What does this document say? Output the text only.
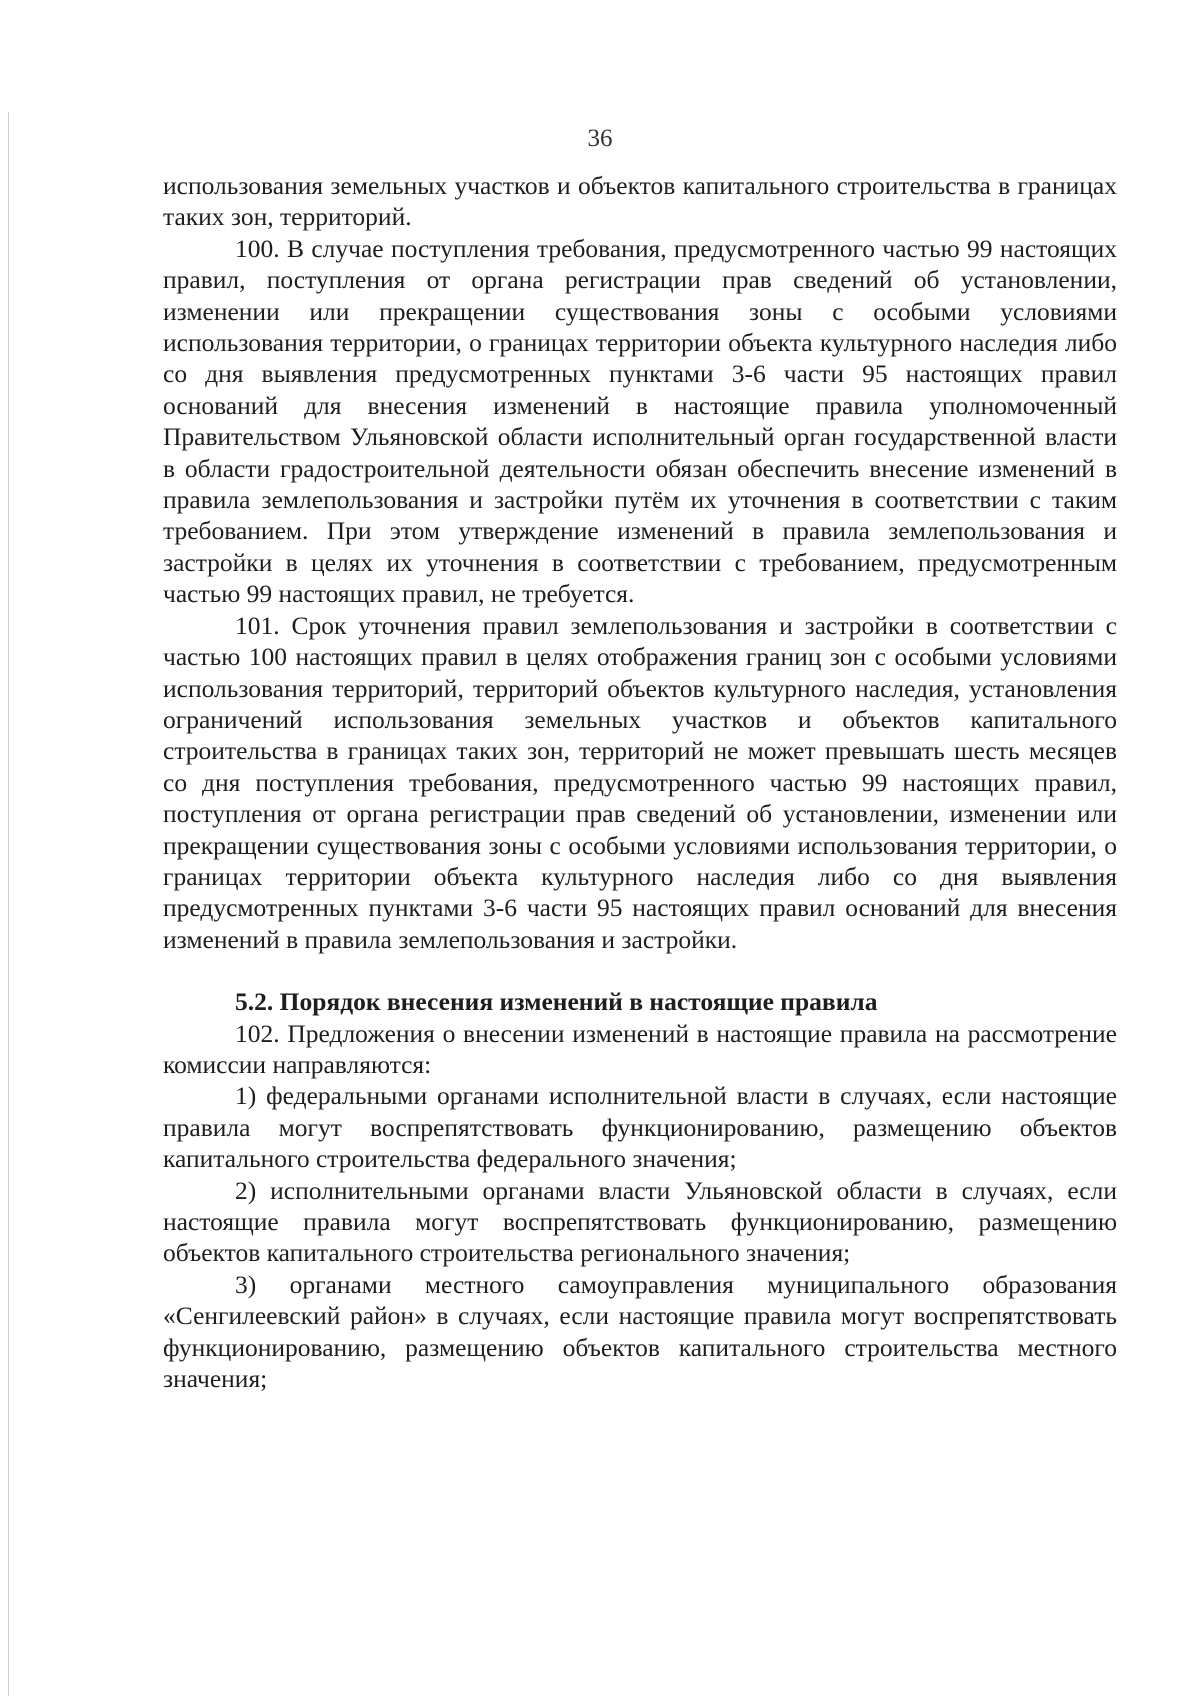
36

использования земельных участков и объектов капитального строительства в границах таких зон, территорий.

100. В случае поступления требования, предусмотренного частью 99 настоящих правил, поступления от органа регистрации прав сведений об установлении, изменении или прекращении существования зоны с особыми условиями использования территории, о границах территории объекта культурного наследия либо со дня выявления предусмотренных пунктами 3-6 части 95 настоящих правил оснований для внесения изменений в настоящие правила уполномоченный Правительством Ульяновской области исполнительный орган государственной власти в области градостроительной деятельности обязан обеспечить внесение изменений в правила землепользования и застройки путём их уточнения в соответствии с таким требованием. При этом утверждение изменений в правила землепользования и застройки в целях их уточнения в соответствии с требованием, предусмотренным частью 99 настоящих правил, не требуется.

101. Срок уточнения правил землепользования и застройки в соответствии с частью 100 настоящих правил в целях отображения границ зон с особыми условиями использования территорий, территорий объектов культурного наследия, установления ограничений использования земельных участков и объектов капитального строительства в границах таких зон, территорий не может превышать шесть месяцев со дня поступления требования, предусмотренного частью 99 настоящих правил, поступления от органа регистрации прав сведений об установлении, изменении или прекращении существования зоны с особыми условиями использования территории, о границах территории объекта культурного наследия либо со дня выявления предусмотренных пунктами 3-6 части 95 настоящих правил оснований для внесения изменений в правила землепользования и застройки.

5.2. Порядок внесения изменений в настоящие правила

102. Предложения о внесении изменений в настоящие правила на рассмотрение комиссии направляются:

1) федеральными органами исполнительной власти в случаях, если настоящие правила могут воспрепятствовать функционированию, размещению объектов капитального строительства федерального значения;

2) исполнительными органами власти Ульяновской области в случаях, если настоящие правила могут воспрепятствовать функционированию, размещению объектов капитального строительства регионального значения;

3) органами местного самоуправления муниципального образования «Сенгилеевский район» в случаях, если настоящие правила могут воспрепятствовать функционированию, размещению объектов капитального строительства местного значения;
